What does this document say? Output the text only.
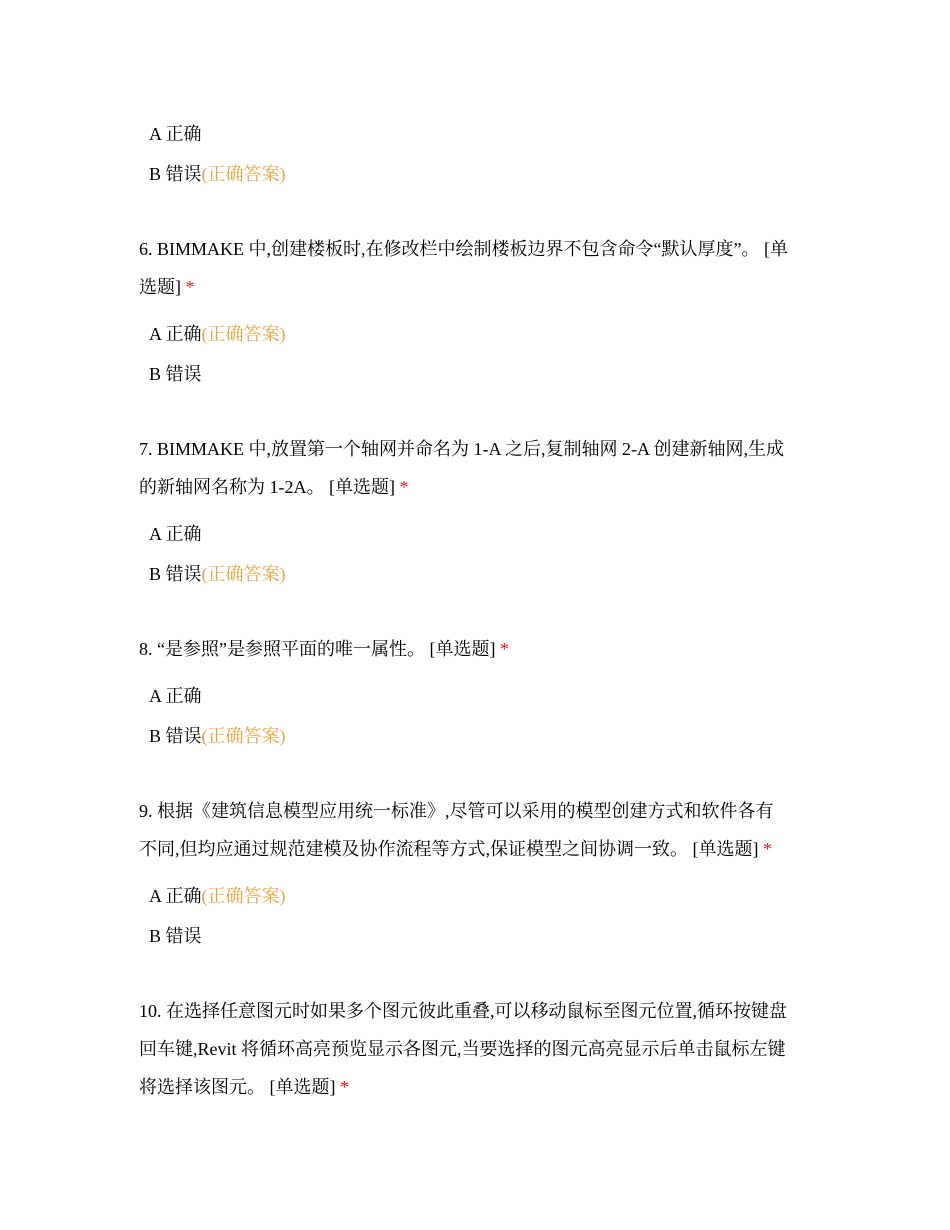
A 正确
B 错误(正确答案)
6. BIMMAKE 中,创建楼板时,在修改栏中绘制楼板边界不包含命令“默认厚度”。 [单
选题] *
A 正确(正确答案)
B 错误
7. BIMMAKE 中,放置第一个轴网并命名为 1-A 之后,复制轴网 2-A 创建新轴网,生成
的新轴网名称为 1-2A。 [单选题] *
A 正确
B 错误(正确答案)
8. “是参照”是参照平面的唯一属性。 [单选题] *
A 正确
B 错误(正确答案)
9. 根据《建筑信息模型应用统一标准》,尽管可以采用的模型创建方式和软件各有
不同,但均应通过规范建模及协作流程等方式,保证模型之间协调一致。 [单选题] *
A 正确(正确答案)
B 错误
10. 在选择任意图元时如果多个图元彼此重叠,可以移动鼠标至图元位置,循环按键盘
回车键,Revit 将循环高亮预览显示各图元,当要选择的图元高亮显示后单击鼠标左键
将选择该图元。 [单选题] *
